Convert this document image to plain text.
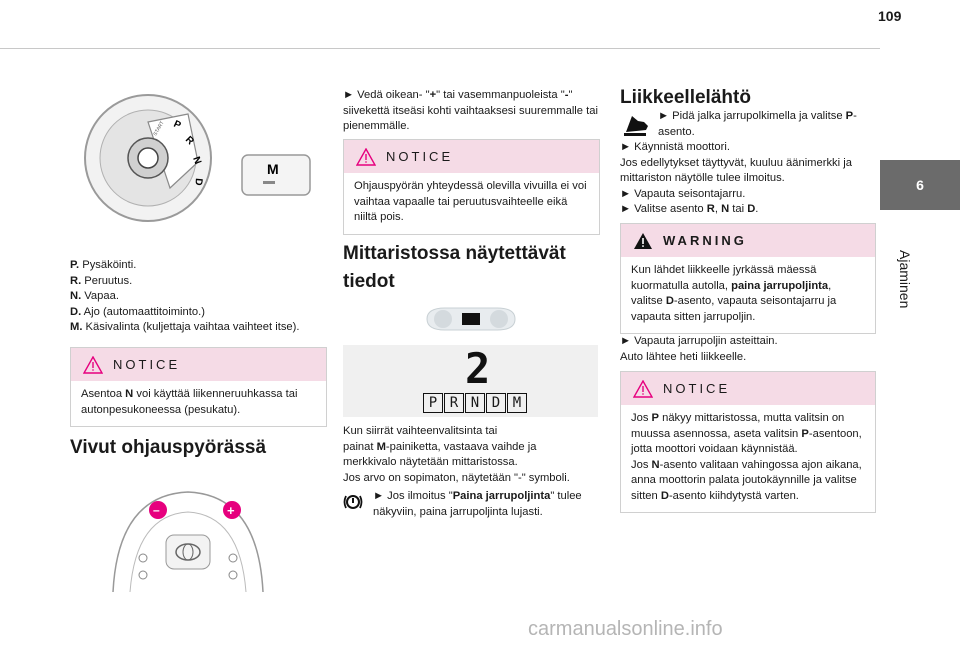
109
6
Ajaminen
P
R
N
D
START
M

P. Pysäköinti.

R. Peruutus.

N. Vapaa.

D. Ajo (automaattitoiminto.)

M. Käsivalinta (kuljettaja vaihtaa vaihteet itse).

NOTICE
Asentoa N voi käyttää liikenneruuhkassa tai autonpesukoneessa (pesukatu).
Vivut ohjauspyörässä
–	+

► Vedä oikean- "+" tai vasemmanpuoleista "-" siivekettä itseäsi kohti vaihtaaksesi suuremmalle tai pienemmälle.

NOTICE
Ohjauspyörän yhteydessä olevilla vivuilla ei voi vaihtaa vapaalle tai peruutusvaihteelle eikä niiltä pois.
Mittaristossa näytettävät
tiedot
2
P R N D M

Kun siirrät vaihteenvalitsinta tai

painat M-painiketta, vastaava vaihde ja

merkkivalo näytetään mittaristossa.

Jos arvo on sopimaton, näytetään "-" symboli.

► Jos ilmoitus "Paina jarrupoljinta" tulee näkyviin, paina jarrupoljinta lujasti.

Liikkeellelähtö

► Pidä jalka jarrupolkimella ja valitse P-asento.

► Käynnistä moottori.

Jos edellytykset täyttyvät, kuuluu äänimerkki ja mittariston näytölle tulee ilmoitus.

► Vapauta seisontajarru.

► Valitse asento R, N tai D.

WARNING
Kun lähdet liikkeelle jyrkässä mäessä kuormatulla autolla, paina jarrupoljinta, valitse D-asento, vapauta seisontajarru ja vapauta sitten jarrupoljin.

► Vapauta jarrupoljin asteittain.

Auto lähtee heti liikkeelle.

NOTICE
Jos P näkyy mittaristossa, mutta valitsin on muussa asennossa, aseta valitsin P-asentoon, jotta moottori voidaan käynnistää.
Jos N-asento valitaan vahingossa ajon aikana, anna moottorin palata joutokäynnille ja valitse sitten D-asento kiihdytystä varten.
carmanualsonline.info
